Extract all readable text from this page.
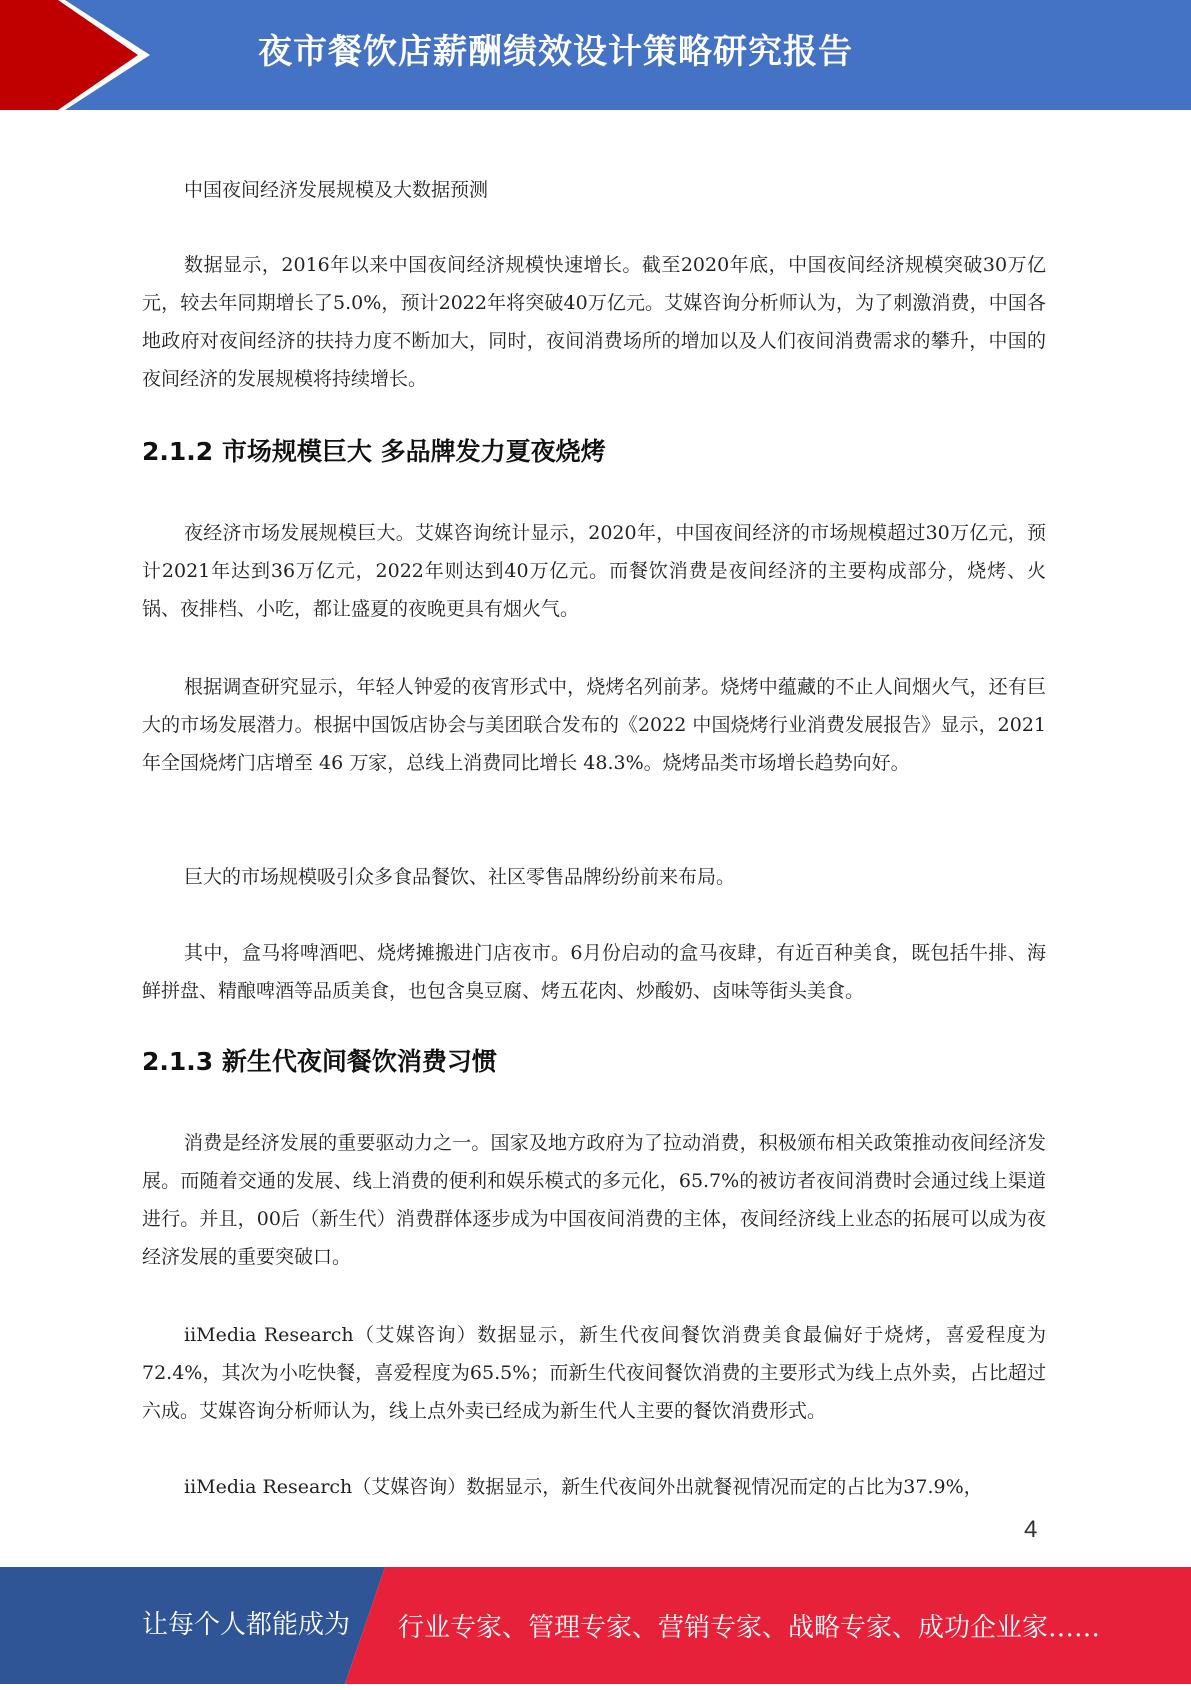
夜市餐饮店薪酬绩效设计策略研究报告

中国夜间经济发展规模及大数据预测

数据显示，2016年以来中国夜间经济规模快速增长。截至2020年底，中国夜间经济规模突破30万亿元，较去年同期增长了5.0%，预计2022年将突破40万亿元。艾媒咨询分析师认为，为了刺激消费，中国各地政府对夜间经济的扶持力度不断加大，同时，夜间消费场所的增加以及人们夜间消费需求的攀升，中国的夜间经济的发展规模将持续增长。

2.1.2 市场规模巨大 多品牌发力夏夜烧烤

夜经济市场发展规模巨大。艾媒咨询统计显示，2020年，中国夜间经济的市场规模超过30万亿元，预计2021年达到36万亿元，2022年则达到40万亿元。而餐饮消费是夜间经济的主要构成部分，烧烤、火锅、夜排档、小吃，都让盛夏的夜晚更具有烟火气。

根据调查研究显示，年轻人钟爱的夜宵形式中，烧烤名列前茅。烧烤中蕴藏的不止人间烟火气，还有巨大的市场发展潜力。根据中国饭店协会与美团联合发布的《2022 中国烧烤行业消费发展报告》显示，2021 年全国烧烤门店增至 46 万家，总线上消费同比增长 48.3%。烧烤品类市场增长趋势向好。

巨大的市场规模吸引众多食品餐饮、社区零售品牌纷纷前来布局。

其中，盒马将啤酒吧、烧烤摊搬进门店夜市。6月份启动的盒马夜肆，有近百种美食，既包括牛排、海鲜拼盘、精酿啤酒等品质美食，也包含臭豆腐、烤五花肉、炒酸奶、卤味等街头美食。

2.1.3 新生代夜间餐饮消费习惯

消费是经济发展的重要驱动力之一。国家及地方政府为了拉动消费，积极颁布相关政策推动夜间经济发展。而随着交通的发展、线上消费的便利和娱乐模式的多元化，65.7%的被访者夜间消费时会通过线上渠道进行。并且，00后（新生代）消费群体逐步成为中国夜间消费的主体，夜间经济线上业态的拓展可以成为夜经济发展的重要突破口。

iiMedia Research（艾媒咨询）数据显示，新生代夜间餐饮消费美食最偏好于烧烤，喜爱程度为72.4%，其次为小吃快餐，喜爱程度为65.5%；而新生代夜间餐饮消费的主要形式为线上点外卖，占比超过六成。艾媒咨询分析师认为，线上点外卖已经成为新生代人主要的餐饮消费形式。

iiMedia Research（艾媒咨询）数据显示，新生代夜间外出就餐视情况而定的占比为37.9%，

4
让每个人都能成为 行业专家、管理专家、营销专家、战略专家、成功企业家……
